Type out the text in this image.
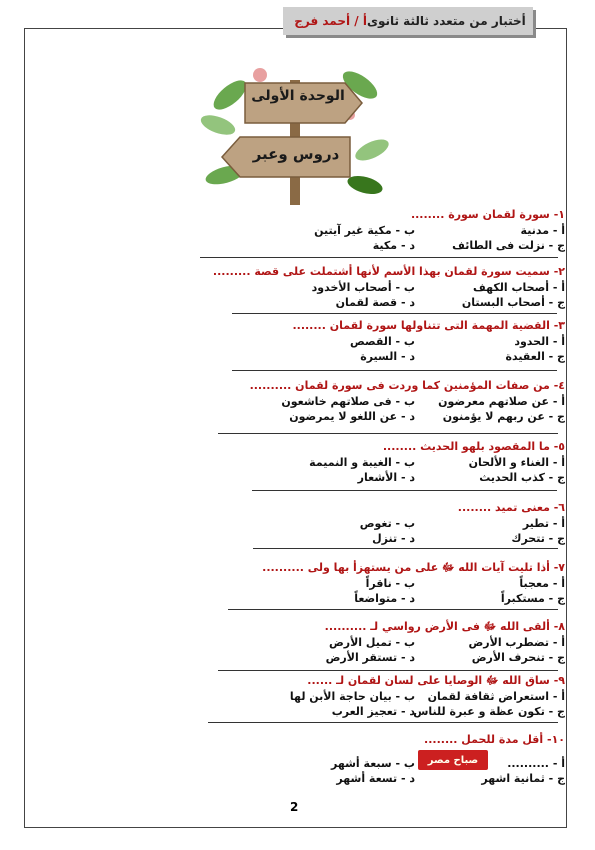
أختبار من متعدد ثالثة ثانوى
أ / أحمد فرج
الوحدة الأولى
دروس وعبر
١- سورة لقمان سورة ........
أ - مدنية
ب - مكية غير آيتين
ج - نزلت فى الطائف
د - مكية
٢- سميت سورة لقمان بهذا الأسم لأنها أشتملت على قصة .........
أ - أصحاب الكهف
ب - أصحاب الأخدود
ج - أصحاب البستان
د - قصة لقمان
٣- القضية المهمة التى تتناولها سورة لقمان ........
أ - الحدود
ب - القصص
ج - العقيدة
د - السيرة
٤- من صفات المؤمنين كما وردت فى سورة لقمان ..........
أ - عن صلاتهم معرضون
ب - فى صلاتهم خاشعون
ج - عن ربهم لا يؤمنون
د - عن اللغو لا يمرضون
٥- ما المقصود بلهو الحديث ........
أ - الغناء و الألحان
ب - الغيبة و النميمة
ج - كذب الحديث
د - الأشعار
٦- معنى تميد ........
أ - تطير
ب - تغوص
ج - تتحرك
د - تنزل
٧- أذا تليت آيات الله ﷻ على من يستهزأ بها ولى ..........
أ - معجباً
ب - ناقراً
ج - مستكبراً
د - متواضعاً
٨- ألقى الله ﷻ فى الأرض رواسي لـ ..........
أ - تضطرب الأرض
ب - تميل الأرض
ج - تنحرف الأرض
د - تستقر الأرض
٩- ساق الله ﷻ الوصايا على لسان لقمان لـ ......
أ - استعراض ثقافة لقمان
ب - بيان حاجة الأبن لها
ج - تكون عظة و عبرة للناس
د - تعجيز العرب
١٠- أقل مدة للحمل ........
أ - ..........
ب - سبعة أشهر
ج - ثمانية اشهر
د - تسعة أشهر
صباح

مصر
2
